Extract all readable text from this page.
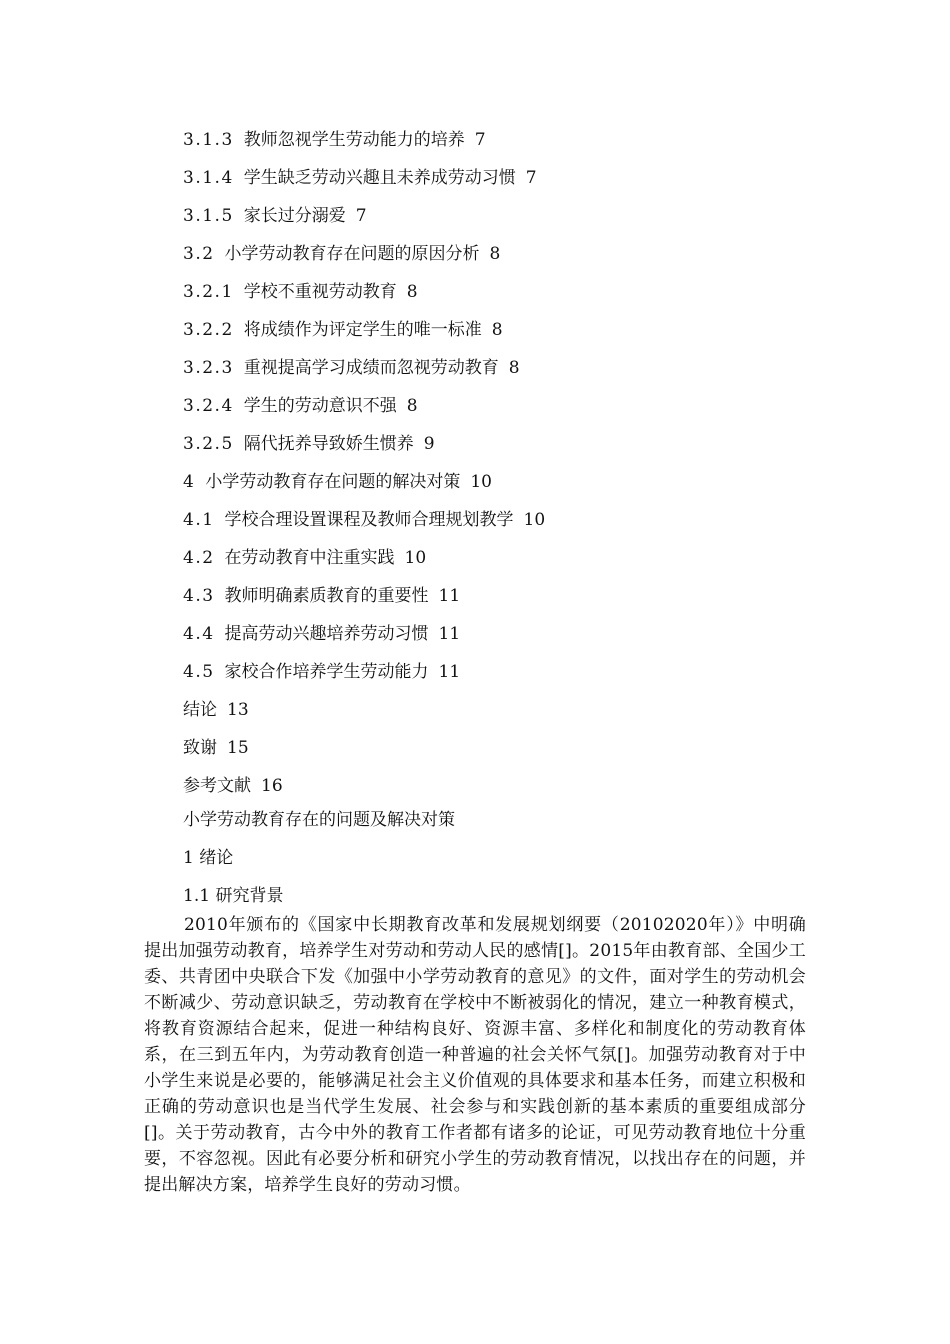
3.1.3 教师忽视学生劳动能力的培养 7
3.1.4 学生缺乏劳动兴趣且未养成劳动习惯 7
3.1.5 家长过分溺爱 7
3.2 小学劳动教育存在问题的原因分析 8
3.2.1 学校不重视劳动教育 8
3.2.2 将成绩作为评定学生的唯一标准 8
3.2.3 重视提高学习成绩而忽视劳动教育 8
3.2.4 学生的劳动意识不强 8
3.2.5 隔代抚养导致娇生惯养 9
4 小学劳动教育存在问题的解决对策 10
4.1 学校合理设置课程及教师合理规划教学 10
4.2 在劳动教育中注重实践 10
4.3 教师明确素质教育的重要性 11
4.4 提高劳动兴趣培养劳动习惯 11
4.5 家校合作培养学生劳动能力 11
结论 13
致谢 15
参考文献 16
小学劳动教育存在的问题及解决对策
1 绪论
1.1 研究背景

2010年颁布的《国家中长期教育改革和发展规划纲要（20102020年）》中明确提出加强劳动教育，培养学生对劳动和劳动人民的感情[]。2015年由教育部、全国少工委、共青团中央联合下发《加强中小学劳动教育的意见》的文件，面对学生的劳动机会不断减少、劳动意识缺乏，劳动教育在学校中不断被弱化的情况，建立一种教育模式，将教育资源结合起来，促进一种结构良好、资源丰富、多样化和制度化的劳动教育体系，在三到五年内，为劳动教育创造一种普遍的社会关怀气氛[]。加强劳动教育对于中小学生来说是必要的，能够满足社会主义价值观的具体要求和基本任务，而建立积极和正确的劳动意识也是当代学生发展、社会参与和实践创新的基本素质的重要组成部分[]。关于劳动教育，古今中外的教育工作者都有诸多的论证，可见劳动教育地位十分重要，不容忽视。因此有必要分析和研究小学生的劳动教育情况，以找出存在的问题，并提出解决方案，培养学生良好的劳动习惯。
